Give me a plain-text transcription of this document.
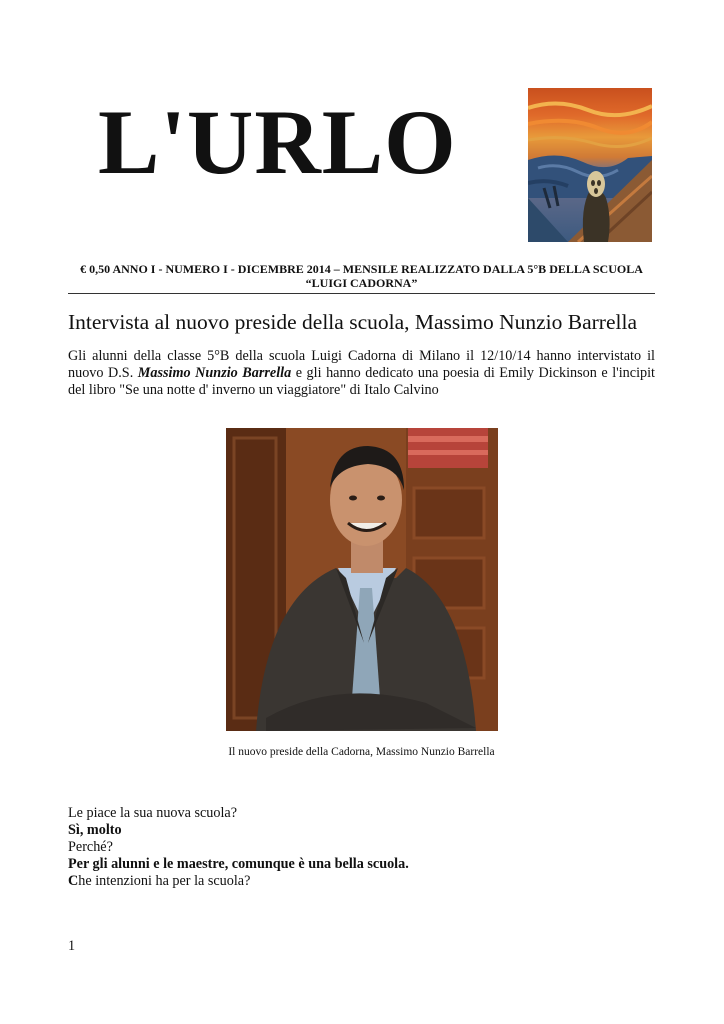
L'URLO
€ 0,50 ANNO I - NUMERO I - DICEMBRE 2014 – MENSILE REALIZZATO DALLA 5°B DELLA SCUOLA
“LUIGI CADORNA”
Intervista al nuovo preside della scuola, Massimo Nunzio Barrella
Gli alunni della classe 5°B della scuola Luigi Cadorna di Milano il 12/10/14 hanno intervistato il nuovo D.S. Massimo Nunzio Barrella e gli hanno dedicato una poesia di Emily Dickinson e l'incipit del libro "Se una notte d' inverno un viaggiatore" di Italo Calvino
Il nuovo preside della Cadorna, Massimo Nunzio Barrella
Le piace la sua nuova scuola?
Sì, molto
Perché?
Per gli alunni e le maestre, comunque è una bella scuola.
Che intenzioni ha per la scuola?
1
